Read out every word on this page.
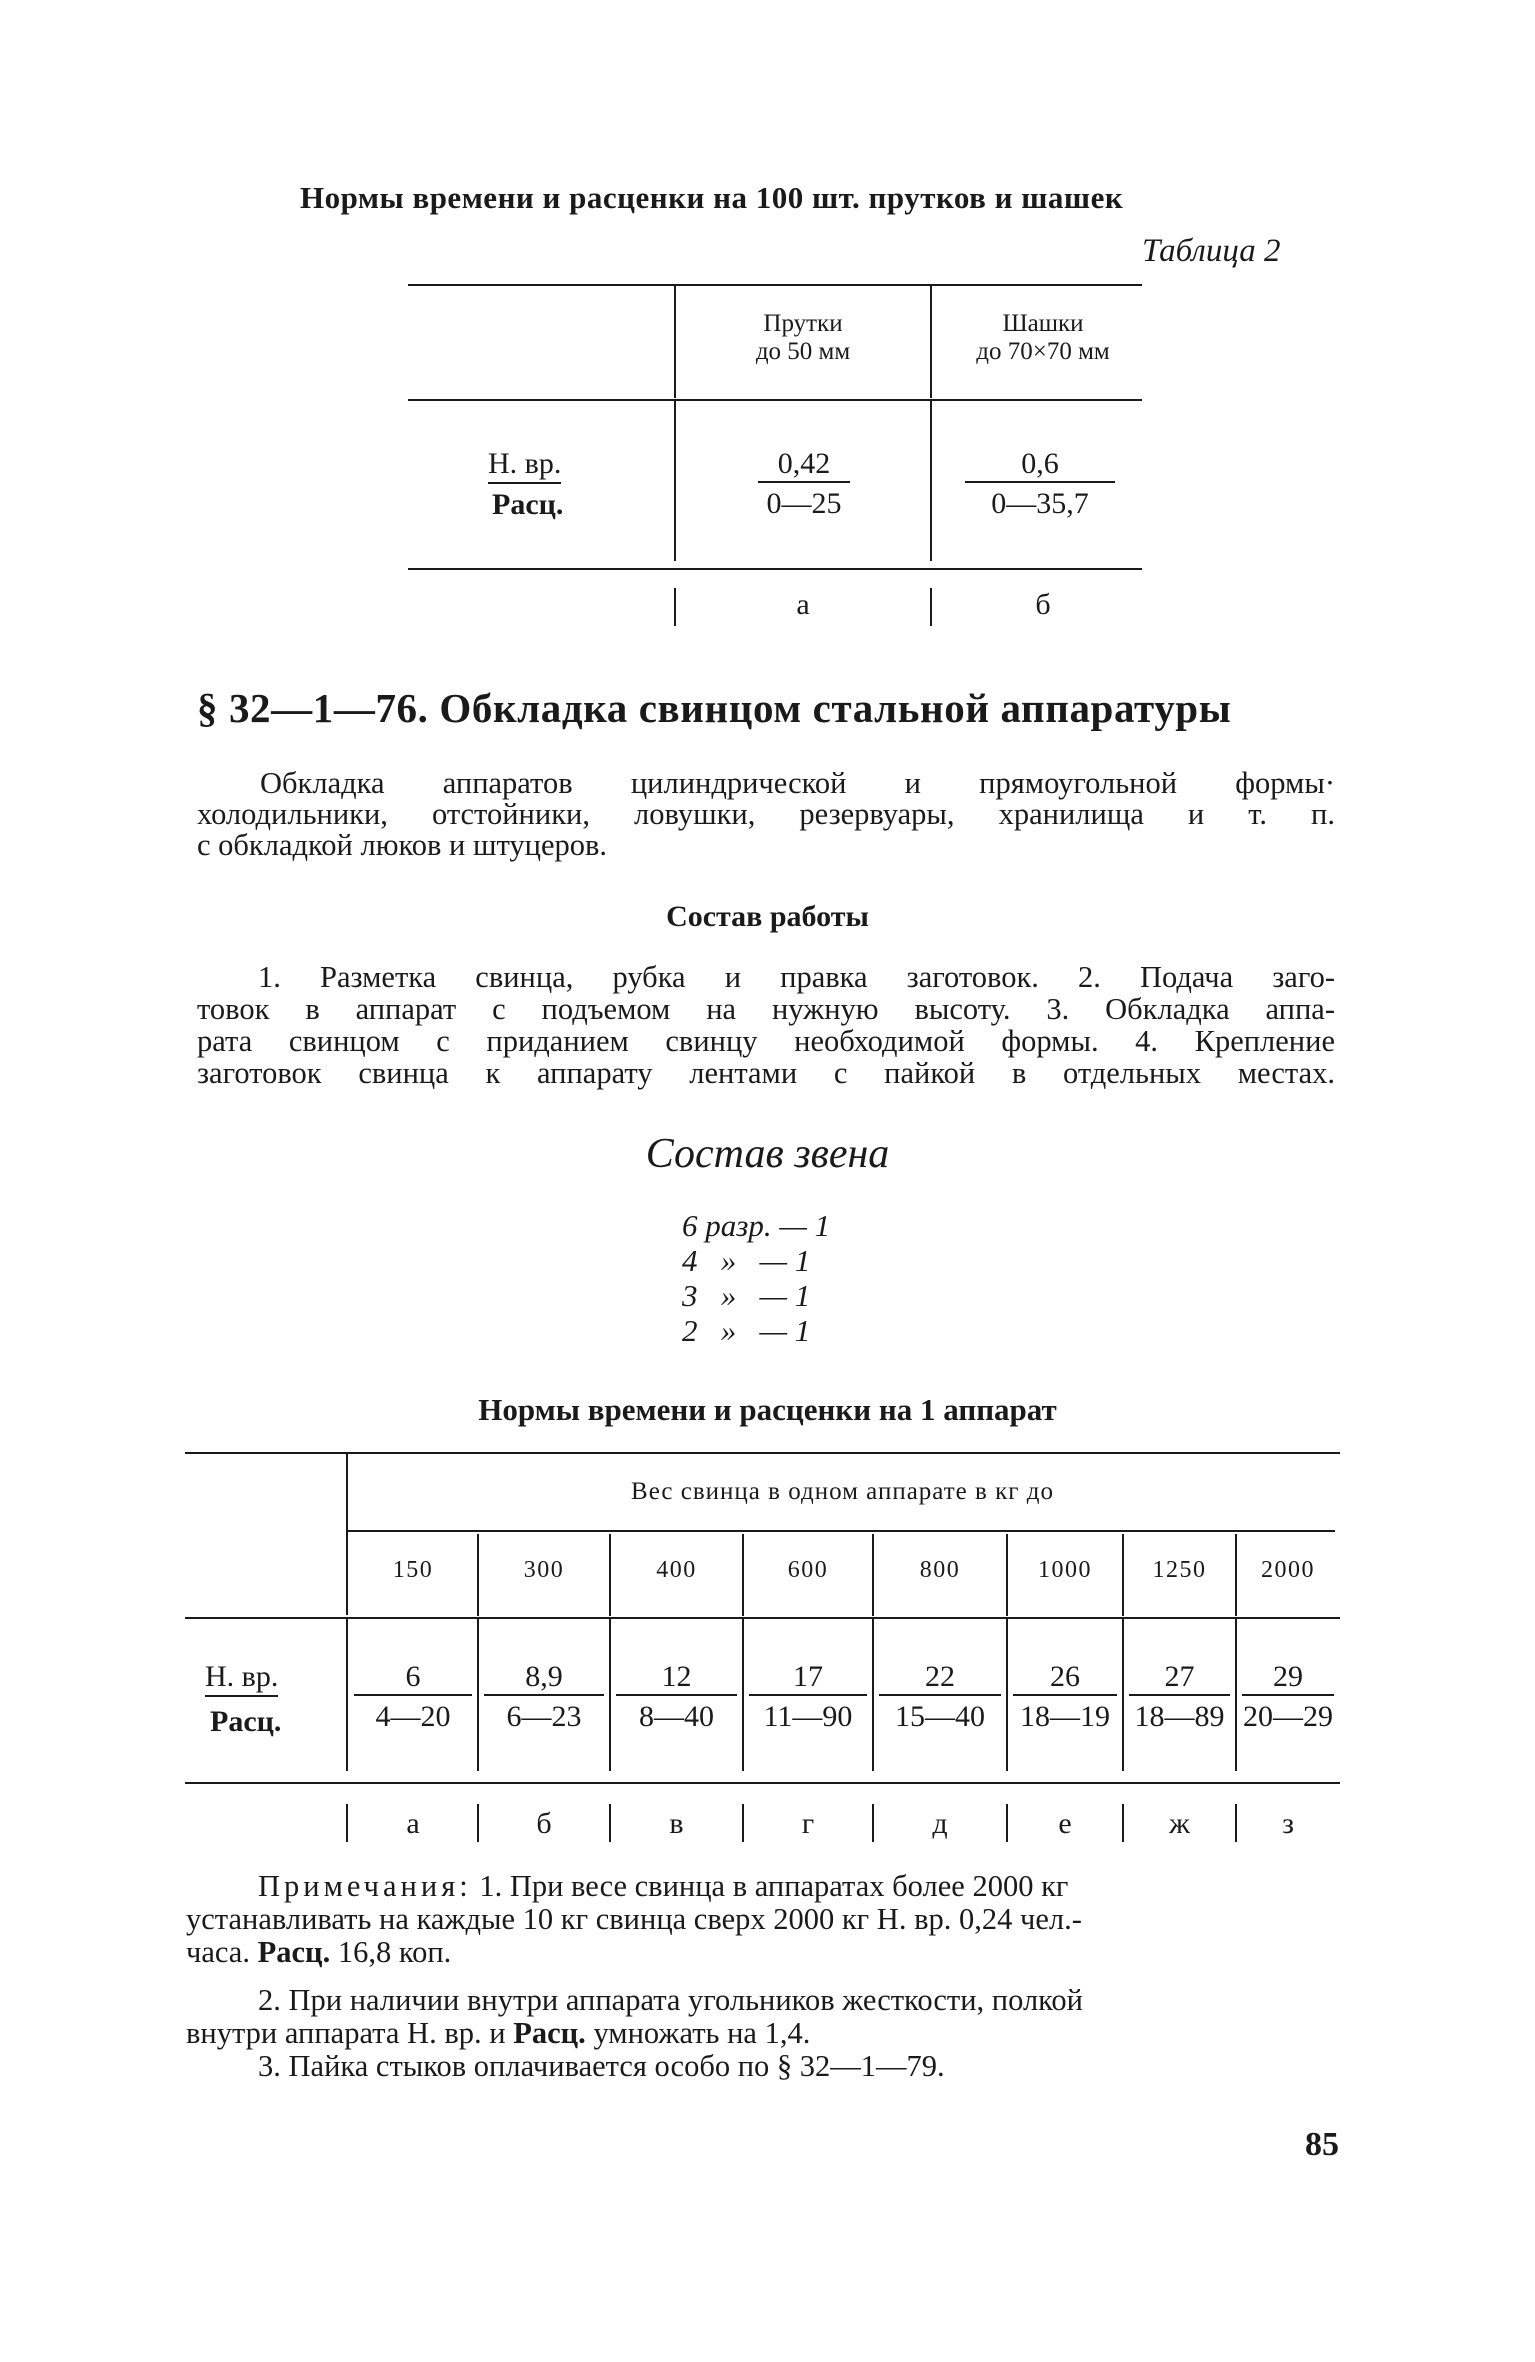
Нормы времени и расценки на 100 шт. прутков и шашек
Таблица 2
Прутки
до 50 мм
Шашки
до 70×70 мм
Н. вр.
Расц.
0,42
0—25
0,6
0—35,7
а	б
§ 32—1—76. Обкладка свинцом стальной аппаратуры
Обкладка аппаратов цилиндрической и прямоугольной формы·
холодильники, отстойники, ловушки, резервуары, хранилища и т. п.
с обкладкой люков и штуцеров.
Состав работы
1. Разметка свинца, рубка и правка заготовок. 2. Подача заго-
товок в аппарат с подъемом на нужную высоту. 3. Обкладка аппа-
рата свинцом с приданием свинцу необходимой формы. 4. Крепление
заготовок свинца к аппарату лентами с пайкой в отдельных местах.
Состав звена
6 разр. — 1
4   »   — 1
3   »   — 1
2   »   — 1
Нормы времени и расценки на 1 аппарат
Вес свинца в одном аппарате в кг до
150
6
4—20
а
300
8,9
6—23
б
400
12
8—40
в
600
17
11—90
г
800
22
15—40
д
1000
26
18—19
е
1250
27
18—89
ж
2000
29
20—29
з
Н. вр.
Расц.
Примечания: 1. При весе свинца в аппаратах более 2000 кг
устанавливать на каждые 10 кг свинца сверх 2000 кг Н. вр. 0,24 чел.-
часа. Расц. 16,8 коп.
2. При наличии внутри аппарата угольников жесткости, полкой
внутри аппарата Н. вр. и Расц. умножать на 1,4.
3. Пайка стыков оплачивается особо по § 32—1—79.
85
